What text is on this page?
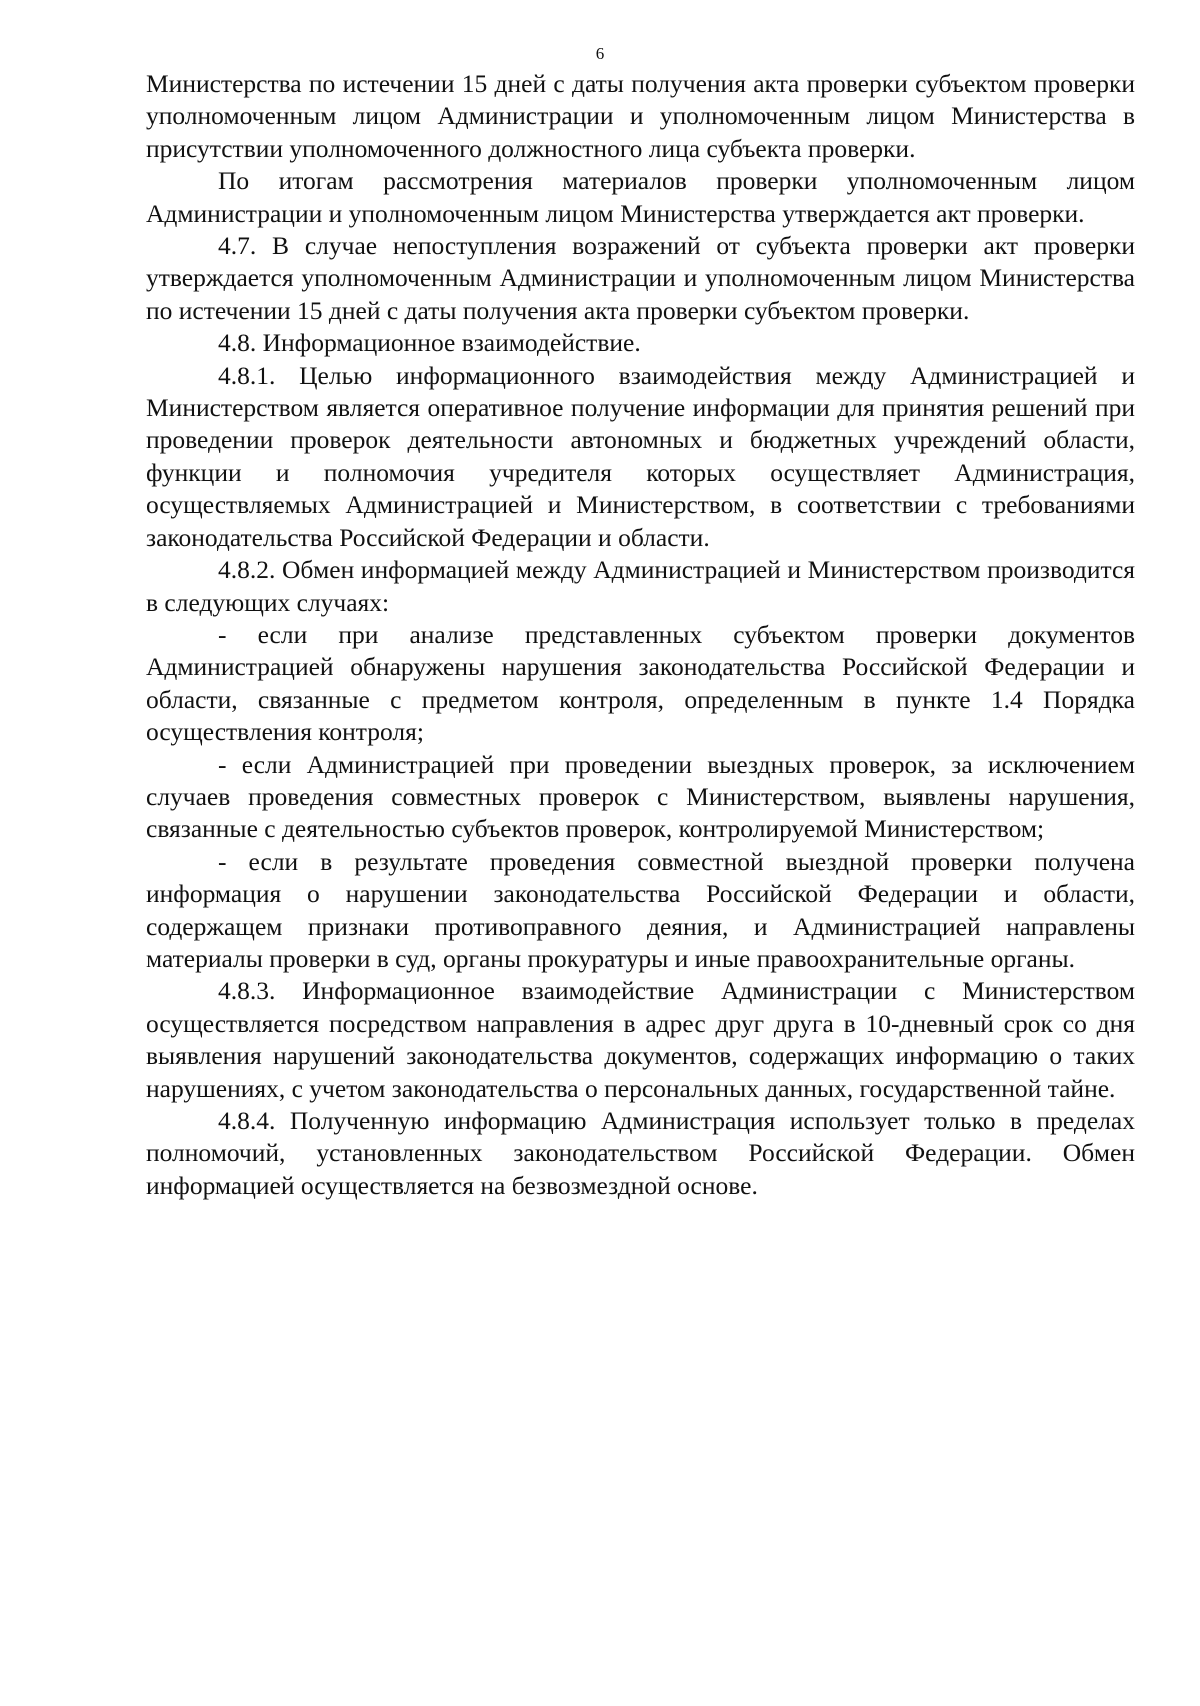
6

Министерства по истечении 15 дней с даты получения акта проверки субъектом проверки уполномоченным лицом Администрации и уполномоченным лицом Министерства в присутствии уполномоченного должностного лица субъекта проверки.

По итогам рассмотрения материалов проверки уполномоченным лицом Администрации и уполномоченным лицом Министерства утверждается акт проверки.

4.7. В случае непоступления возражений от субъекта проверки акт проверки утверждается уполномоченным Администрации и уполномоченным лицом Министерства по истечении 15 дней с даты получения акта проверки субъектом проверки.

4.8. Информационное взаимодействие.

4.8.1. Целью информационного взаимодействия между Администрацией и Министерством является оперативное получение информации для принятия решений при проведении проверок деятельности автономных и бюджетных учреждений области, функции и полномочия учредителя которых осуществляет Администрация, осуществляемых Администрацией и Министерством, в соответствии с требованиями законодательства Российской Федерации и области.

4.8.2. Обмен информацией между Администрацией и Министерством производится в следующих случаях:

- если при анализе представленных субъектом проверки документов Администрацией обнаружены нарушения законодательства Российской Федерации и области, связанные с предметом контроля, определенным в пункте 1.4 Порядка осуществления контроля;

- если Администрацией при проведении выездных проверок, за исключением случаев проведения совместных проверок с Министерством, выявлены нарушения, связанные с деятельностью субъектов проверок, контролируемой Министерством;

- если в результате проведения совместной выездной проверки получена информация о нарушении законодательства Российской Федерации и области, содержащем признаки противоправного деяния, и Администрацией направлены материалы проверки в суд, органы прокуратуры и иные правоохранительные органы.

4.8.3. Информационное взаимодействие Администрации с Министерством осуществляется посредством направления в адрес друг друга в 10-дневный срок со дня выявления нарушений законодательства документов, содержащих информацию о таких нарушениях, с учетом законодательства о персональных данных, государственной тайне.

4.8.4. Полученную информацию Администрация использует только в пределах полномочий, установленных законодательством Российской Федерации. Обмен информацией осуществляется на безвозмездной основе.
